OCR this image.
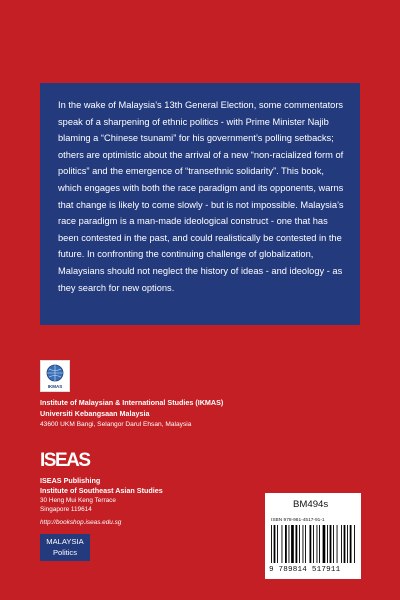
In the wake of Malaysia’s 13th General Election, some commentators speak of a sharpening of ethnic politics - with Prime Minister Najib blaming a “Chinese tsunami” for his government’s polling setbacks; others are optimistic about the arrival of a new “non-racialized form of politics” and the emergence of “transethnic solidarity”. This book, which engages with both the race paradigm and its opponents, warns that change is likely to come slowly - but is not impossible. Malaysia’s race paradigm is a man-made ideological construct - one that has been contested in the past, and could realistically be contested in the future. In confronting the continuing challenge of globalization, Malaysians should not neglect the history of ideas - and ideology - as they search for new options.

IKMAS
Institute of Malaysian & International Studies (IKMAS)
Universiti Kebangsaan Malaysia
43600 UKM Bangi, Selangor Darul Ehsan, Malaysia
ISEAS
ISEAS Publishing
Institute of Southeast Asian Studies
30 Heng Mui Keng Terrace
Singapore 119614
http://bookshop.iseas.edu.sg
MALAYSIA
Politics
BM494s
ISBN 978-981-4517-91-1
9 789814 517911
